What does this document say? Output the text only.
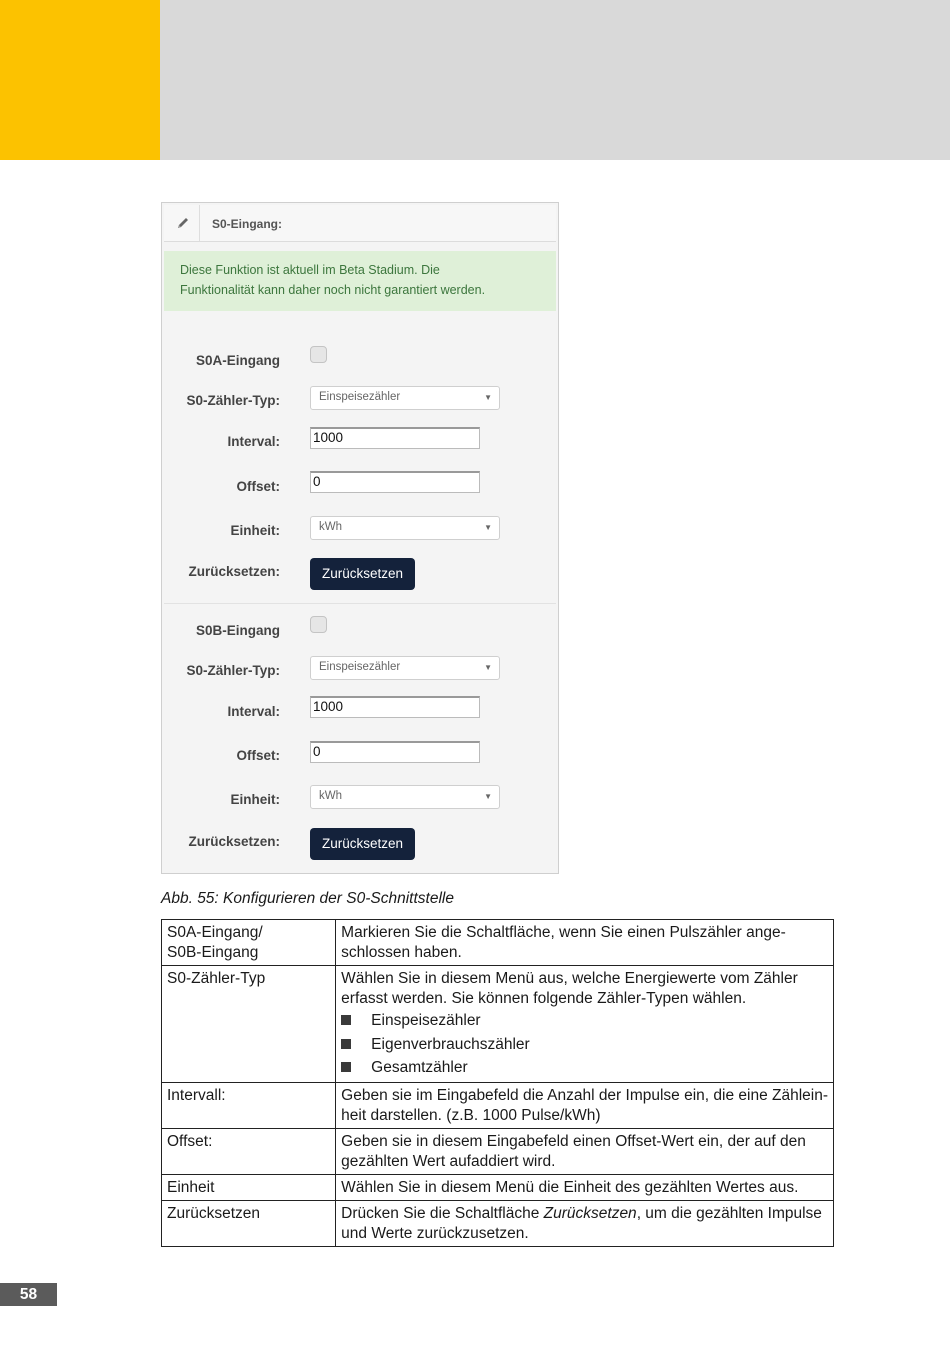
S0-Eingang:
Diese Funktion ist aktuell im Beta Stadium. Die
Funktionalität kann daher noch nicht garantiert werden.
S0A-Eingang
S0-Zähler-Typ:	Einspeisezähler	▼
Interval: 1000
Offset: 0
Einheit:	kWh	▼
Zurücksetzen:	Zurücksetzen
S0B-Eingang
S0-Zähler-Typ:	Einspeisezähler	▼
Interval: 1000
Offset: 0
Einheit:	kWh	▼
Zurücksetzen:	Zurücksetzen
Abb. 55: Konfigurieren der S0-Schnittstelle
S0A-Eingang/
S0B-Eingang	Markieren Sie die Schaltfläche, wenn Sie einen Pulszähler ange-
schlossen haben.

S0-Zähler-Typ	Wählen Sie in diesem Menü aus, welche Energiewerte vom Zähler
erfasst werden. Sie können folgende Zähler-Typen wählen.
Einspeisezähler
Eigenverbrauchszähler
Gesamtzähler

Intervall:	Geben sie im Eingabefeld die Anzahl der Impulse ein, die eine Zählein-
heit darstellen. (z.B. 1000 Pulse/kWh)

Offset:	Geben sie in diesem Eingabefeld einen Offset-Wert ein, der auf den
gezählten Wert aufaddiert wird.

Einheit	Wählen Sie in diesem Menü die Einheit des gezählten Wertes aus.

Zurücksetzen	Drücken Sie die Schaltfläche Zurücksetzen, um die gezählten Impulse
und Werte zurückzusetzen.
58
